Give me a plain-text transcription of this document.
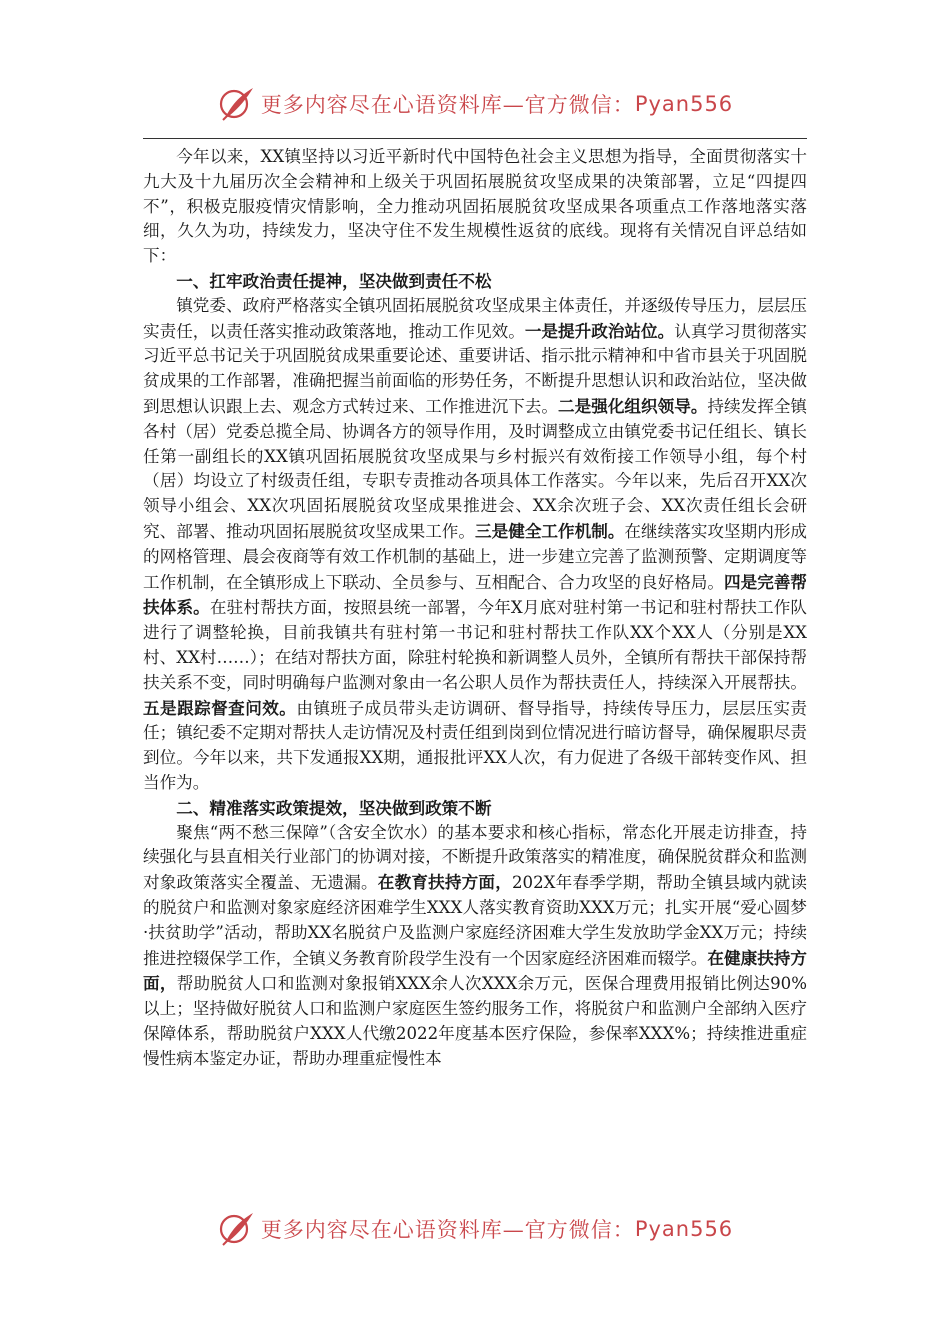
更多内容尽在心语资料库—官方微信： Pyan556

今年以来，XX镇坚持以习近平新时代中国特色社会主义思想为指导，全面贯彻落实十九大及十九届历次全会精神和上级关于巩固拓展脱贫攻坚成果的决策部署，立足“四提四不”，积极克服疫情灾情影响，全力推动巩固拓展脱贫攻坚成果各项重点工作落地落实落细，久久为功，持续发力，坚决守住不发生规模性返贫的底线。现将有关情况自评总结如下：

一、扛牢政治责任提神，坚决做到责任不松

镇党委、政府严格落实全镇巩固拓展脱贫攻坚成果主体责任，并逐级传导压力，层层压实责任，以责任落实推动政策落地，推动工作见效。一是提升政治站位。认真学习贯彻落实习近平总书记关于巩固脱贫成果重要论述、重要讲话、指示批示精神和中省市县关于巩固脱贫成果的工作部署，准确把握当前面临的形势任务，不断提升思想认识和政治站位，坚决做到思想认识跟上去、观念方式转过来、工作推进沉下去。二是强化组织领导。持续发挥全镇各村（居）党委总揽全局、协调各方的领导作用，及时调整成立由镇党委书记任组长、镇长任第一副组长的XX镇巩固拓展脱贫攻坚成果与乡村振兴有效衔接工作领导小组，每个村（居）均设立了村级责任组，专职专责推动各项具体工作落实。今年以来，先后召开XX次领导小组会、XX次巩固拓展脱贫攻坚成果推进会、XX余次班子会、XX次责任组长会研究、部署、推动巩固拓展脱贫攻坚成果工作。三是健全工作机制。在继续落实攻坚期内形成的网格管理、晨会夜商等有效工作机制的基础上，进一步建立完善了监测预警、定期调度等工作机制，在全镇形成上下联动、全员参与、互相配合、合力攻坚的良好格局。四是完善帮扶体系。在驻村帮扶方面，按照县统一部署，今年X月底对驻村第一书记和驻村帮扶工作队进行了调整轮换，目前我镇共有驻村第一书记和驻村帮扶工作队XX个XX人（分别是XX村、XX村……）；在结对帮扶方面，除驻村轮换和新调整人员外，全镇所有帮扶干部保持帮扶关系不变，同时明确每户监测对象由一名公职人员作为帮扶责任人，持续深入开展帮扶。五是跟踪督查问效。由镇班子成员带头走访调研、督导指导，持续传导压力，层层压实责任；镇纪委不定期对帮扶人走访情况及村责任组到岗到位情况进行暗访督导，确保履职尽责到位。今年以来，共下发通报XX期，通报批评XX人次，有力促进了各级干部转变作风、担当作为。

二、精准落实政策提效，坚决做到政策不断

聚焦“两不愁三保障”（含安全饮水）的基本要求和核心指标，常态化开展走访排查，持续强化与县直相关行业部门的协调对接，不断提升政策落实的精准度，确保脱贫群众和监测对象政策落实全覆盖、无遗漏。在教育扶持方面，202X年春季学期，帮助全镇县域内就读的脱贫户和监测对象家庭经济困难学生XXX人落实教育资助XXX万元；扎实开展“爱心圆梦·扶贫助学”活动，帮助XX名脱贫户及监测户家庭经济困难大学生发放助学金XX万元；持续推进控辍保学工作，全镇义务教育阶段学生没有一个因家庭经济困难而辍学。在健康扶持方面，帮助脱贫人口和监测对象报销XXX余人次XXX余万元，医保合理费用报销比例达90%以上；坚持做好脱贫人口和监测户家庭医生签约服务工作，将脱贫户和监测户全部纳入医疗保障体系，帮助脱贫户XXX人代缴2022年度基本医疗保险，参保率XXX%；持续推进重症慢性病本鉴定办证，帮助办理重症慢性本

更多内容尽在心语资料库—官方微信： Pyan556
